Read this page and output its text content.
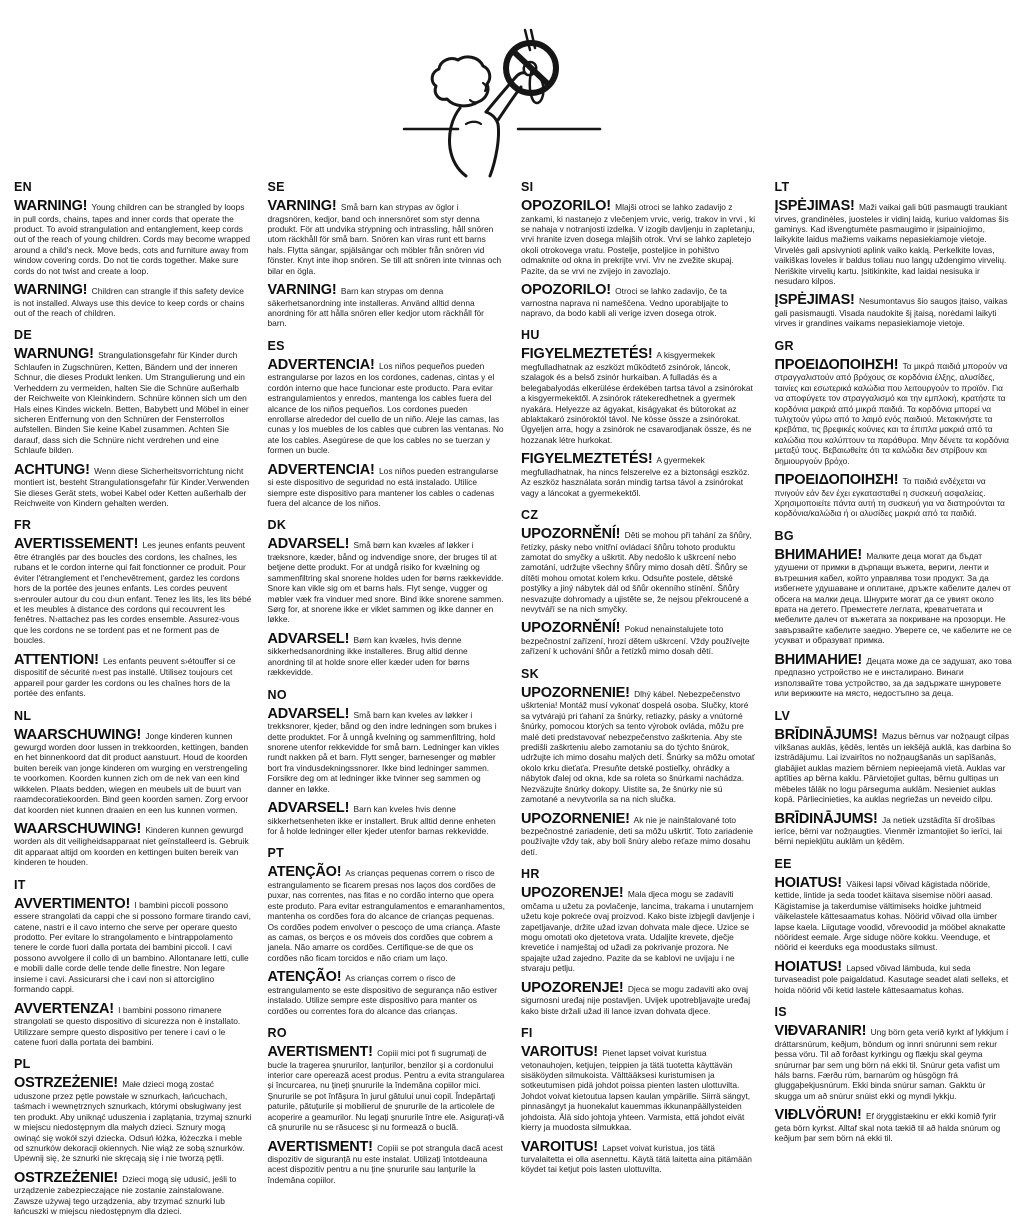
EN

WARNING! Young children can be strangled by loops in pull cords, chains, tapes and inner cords that operate the product. To avoid strangulation and entanglement, keep cords out of the reach of young children. Cords may become wrapped around a child's neck. Move beds, cots and furniture away from window covering cords. Do not tie cords together. Make sure cords do not twist and create a loop.

WARNING! Children can strangle if this safety device is not installed. Always use this device to keep cords or chains out of the reach of children.

DE

WARNUNG! Strangulationsgefahr für Kinder durch Schlaufen in Zugschnüren, Ketten, Bändern und der inneren Schnur, die dieses Produkt lenken. Um Strangulierung und ein Verheddern zu vermeiden, halten Sie die Schnüre außerhalb der Reichweite von Kleinkindern. Schnüre können sich um den Hals eines Kindes wickeln. Betten, Babybett und Möbel in einer sicheren Entfernung von den Schnüren der Fensterrollos aufstellen. Binden Sie keine Kabel zusammen. Achten Sie darauf, dass sich die Schnüre nicht verdrehen und eine Schlaufe bilden.

ACHTUNG! Wenn diese Sicherheitsvorrichtung nicht montiert ist, besteht Strangulationsgefahr für Kinder.Verwenden Sie dieses Gerät stets, wobei Kabel oder Ketten außerhalb der Reichweite von Kindern gehalten werden.

FR

AVERTISSEMENT! Les jeunes enfants peuvent être étranglés par des boucles des cordons, les chaînes, les rubans et le cordon interne qui fait fonctionner ce produit. Pour éviter l'étranglement et l'enchevêtrement, gardez les cordons hors de la portée des jeunes enfants. Les cordes peuvent s›enrouler autour du cou d›un enfant. Tenez les lits, les lits bébé et les meubles à distance des cordons qui recouvrent les fenêtres. N›attachez pas les cordes ensemble. Assurez-vous que les cordons ne se tordent pas et ne forment pas de boucles.

ATTENTION! Les enfants peuvent s›étouffer si ce dispositif de sécurité n›est pas installé. Utilisez toujours cet appareil pour garder les cordons ou les chaînes hors de la portée des enfants.

NL

WAARSCHUWING! Jonge kinderen kunnen gewurgd worden door lussen in trekkoorden, kettingen, banden en het binnenkoord dat dit product aanstuurt. Houd de koorden buiten bereik van jonge kinderen om wurging en verstrengeling te voorkomen. Koorden kunnen zich om de nek van een kind wikkelen. Plaats bedden, wiegen en meubels uit de buurt van raamdecoratiekoorden. Bind geen koorden samen. Zorg ervoor dat koorden niet kunnen draaien en een lus kunnen vormen.

WAARSCHUWING! Kinderen kunnen gewurgd worden als dit veiligheidsapparaat niet geïnstalleerd is. Gebruik dit apparaat altijd om koorden en kettingen buiten bereik van kinderen te houden.

IT

AVVERTIMENTO! I bambini piccoli possono essere strangolati da cappi che si possono formare tirando cavi, catene, nastri e il cavo interno che serve per operare questo prodotto. Per evitare lo strangolamento e l›intrappolamento tenere le corde fuori dalla portata dei bambini piccoli. I cavi possono avvolgere il collo di un bambino. Allontanare letti, culle e mobili dalle corde delle tende delle finestre. Non legare insieme i cavi. Assicurarsi che i cavi non si attorciglino formando cappi.

AVVERTENZA! I bambini possono rimanere strangolati se questo dispositivo di sicurezza non è installato. Utilizzare sempre questo dispositivo per tenere i cavi o le catene fuori dalla portata dei bambini.

PL

OSTRZEŻENIE! Małe dzieci mogą zostać uduszone przez pętle powstałe w sznurkach, łańcuchach, taśmach i wewnętrznych sznurkach, którymi obsługiwany jest ten produkt. Aby uniknąć uduszenia i zaplątania, trzymaj sznurki w miejscu niedostępnym dla małych dzieci. Sznury mogą owinąć się wokół szyi dziecka. Odsuń łóżka, łóżeczka i meble od sznurków dekoracji okiennych. Nie wiąż ze sobą sznurków. Upewnij się, że sznurki nie skręcają się i nie tworzą pętli.

OSTRZEŻENIE! Dzieci mogą się udusić, jeśli to urządzenie zabezpieczające nie zostanie zainstalowane. Zawsze używaj tego urządzenia, aby trzymać sznurki lub łańcuszki w miejscu niedostępnym dla dzieci.

SE

VARNING! Små barn kan strypas av öglor i dragsnören, kedjor, band och innersnöret som styr denna produkt. För att undvika strypning och intrassling, håll snören utom räckhåll för små barn. Snören kan viras runt ett barns hals. Flytta sängar, spjälsängar och möbler från snören vid fönster. Knyt inte ihop snören. Se till att snören inte tvinnas och bilar en ögla.

VARNING! Barn kan strypas om denna säkerhetsanordning inte installeras. Använd alltid denna anordning för att hålla snören eller kedjor utom räckhåll för barn.

ES

ADVERTENCIA! Los niños pequeños pueden estrangularse por lazos en los cordones, cadenas, cintas y el cordón interno que hace funcionar este producto. Para evitar estrangulamientos y enredos, mantenga los cables fuera del alcance de los niños pequeños. Los cordones pueden enrollarse alrededor del cuello de un niño. Aleje las camas, las cunas y los muebles de los cables que cubren las ventanas. No ate los cables. Asegúrese de que los cables no se tuerzan y formen un bucle.

ADVERTENCIA! Los niños pueden estrangularse si este dispositivo de seguridad no está instalado. Utilice siempre este dispositivo para mantener los cables o cadenas fuera del alcance de los niños.

DK

ADVARSEL! Små børn kan kvæles af løkker i træksnore, kæder, bånd og indvendige snore, der bruges til at betjene dette produkt. For at undgå risiko for kvælning og sammenfiltring skal snorene holdes uden for børns rækkevidde. Snore kan vikle sig om et barns hals. Flyt senge, vugger og møbler væk fra vinduer med snore. Bind ikke snorene sammen. Sørg for, at snorene ikke er viklet sammen og ikke danner en løkke.

ADVARSEL! Børn kan kvæles, hvis denne sikkerhedsanordning ikke installeres. Brug altid denne anordning til at holde snore eller kæder uden for børns rækkevidde.

NO

ADVARSEL! Små barn kan kveles av løkker i trekksnorer, kjeder, bånd og den indre ledningen som brukes i dette produktet. For å unngå kvelning og sammenfiltring, hold snorene utenfor rekkevidde for små barn. Ledninger kan vikles rundt nakken på et barn. Flytt senger, barnesenger og møbler bort fra vindusdekningssnorer. Ikke bind ledninger sammen. Forsikre deg om at ledninger ikke tvinner seg sammen og danner en løkke.

ADVARSEL! Barn kan kveles hvis denne sikkerhetsenheten ikke er installert. Bruk alltid denne enheten for å holde ledninger eller kjeder utenfor barnas rekkevidde.

PT

ATENÇÃO! As crianças pequenas correm o risco de estrangulamento se ficarem presas nos laços dos cordões de puxar, nas correntes, nas fitas e no cordão interno que opera este produto. Para evitar estrangulamentos e emaranhamentos, mantenha os cordões fora do alcance de crianças pequenas. Os cordões podem envolver o pescoço de uma criança. Afaste as camas, os berços e os móveis dos cordões que cobrem a janela. Não amarre os cordões. Certifique-se de que os cordões não ficam torcidos e não criam um laço.

ATENÇÃO! As crianças correm o risco de estrangulamento se este dispositivo de segurança não estiver instalado. Utilize sempre este dispositivo para manter os cordões ou correntes fora do alcance das crianças.

RO

AVERTISMENT! Copiii mici pot fi sugrumați de bucle la tragerea șnururilor, lanțurilor, benzilor și a cordonului interior care operează acest produs. Pentru a evita strangularea și încurcarea, nu țineți șnururile la îndemâna copiilor mici. Șnururile se pot înfășura în jurul gâtului unui copil. Îndepărtați paturile, pătuțurile și mobilierul de șnururile de la articolele de acoperire a geamurilor. Nu legați șnururile între ele. Asigurați-vă că șnururile nu se răsucesc și nu formează o buclă.

AVERTISMENT! Copiii se pot strangula dacă acest dispozitiv de siguranță nu este instalat. Utilizați întotdeauna acest dispozitiv pentru a nu ține șnururile sau lanțurile la îndemâna copiilor.

SI

OPOZORILO! Mlajši otroci se lahko zadavijo z zankami, ki nastanejo z vlečenjem vrvic, verig, trakov in vrvi , ki se nahaja v notranjosti izdelka. V izogib davljenju in zapletanju, vrvi hranite izven dosega mlajših otrok. Vrvi se lahko zapletejo okoli otrokovega vratu. Postelje, posteljice in pohištvo odmaknite od okna in prekrijte vrvi. Vrv ne zvežite skupaj. Pazite, da se vrvi ne zvijejo in zavozlajo.

OPOZORILO! Otroci se lahko zadavijo, če ta varnostna naprava ni nameščena. Vedno uporabljajte to napravo, da bodo kabli ali verige izven dosega otrok.

HU

FIGYELMEZTETÉS! A kisgyermekek megfulladhatnak az eszközt működtető zsinórok, láncok, szalagok és a belső zsinór hurkaiban. A fulladás és a belegabalyodás elkerülése érdekében tartsa távol a zsinórokat a kisgyermekektől. A zsinórok rátekeredhetnek a gyermek nyakára. Helyezze az ágyakat, kiságyakat és bútorokat az ablaktakaró zsinóroktól távol. Ne kösse össze a zsinórokat. Ügyeljen arra, hogy a zsinórok ne csavarodjanak össze, és ne hozzanak létre hurkokat.

FIGYELMEZTETÉS! A gyermekek megfulladhatnak, ha nincs felszerelve ez a biztonsági eszköz. Az eszköz használata során mindig tartsa távol a zsinórokat vagy a láncokat a gyermekektől.

CZ

UPOZORNĚNÍ! Děti se mohou při tahání za šňůry, řetízky, pásky nebo vnitřní ovládací šňůru tohoto produktu zamotat do smyčky a uškrtit. Aby nedošlo k uškrcení nebo zamotání, udržujte všechny šňůry mimo dosah dětí. Šňůry se dítěti mohou omotat kolem krku. Odsuňte postele, dětské postýlky a jiný nábytek dál od šňůr okenního stínění. Šňůry nesvazujte dohromady a ujistěte se, že nejsou překroucené a nevytváří se na nich smyčky.

UPOZORNĚNÍ! Pokud nenainstalujete toto bezpečnostní zařízení, hrozí dětem uškrcení. Vždy používejte zařízení k uchování šňůr a řetízků mimo dosah dětí.

SK

UPOZORNENIE! Dlhý kábel. Nebezpečenstvo uškrtenia! Montáž musí vykonať dospelá osoba. Slučky, ktoré sa vytvárajú pri ťahaní za šnúrky, retiazky, pásky a vnútorné šnúrky, pomocou ktorých sa tento výrobok ovláda, môžu pre malé deti predstavovať nebezpečenstvo zaškrtenia. Aby ste predišli zaškrteniu alebo zamotaniu sa do týchto šnúrok, udržujte ich mimo dosahu malých detí. Šnúrky sa môžu omotať okolo krku dieťaťa. Presuňte detské postieľky, ohrádky a nábytok ďalej od okna, kde sa roleta so šnúrkami nachádza. Nezväzujte šnúrky dokopy. Uistite sa, že šnúrky nie sú zamotané a nevytvorila sa na nich slučka.

UPOZORNENIE! Ak nie je nainštalované toto bezpečnostné zariadenie, deti sa môžu uškrtiť. Toto zariadenie používajte vždy tak, aby boli šnúry alebo reťaze mimo dosahu detí.

HR

UPOZORENJE! Mala djeca mogu se zadaviti omčama u užetu za povlačenje, lancima, trakama i unutarnjem užetu koje pokreće ovaj proizvod. Kako biste izbjegli davljenje i zapetljavanje, držite užad izvan dohvata male djece. Uzice se mogu omotati oko djetetova vrata. Udaljite krevete, dječje krevetiće i namještaj od užadi za pokrivanje prozora. Ne spajajte užad zajedno. Pazite da se kablovi ne uvijaju i ne stvaraju petlju.

UPOZORENJE! Djeca se mogu zadaviti ako ovaj sigurnosni uređaj nije postavljen. Uvijek upotrebljavajte uređaj kako biste držali užad ili lance izvan dohvata djece.

FI

VAROITUS! Pienet lapset voivat kuristua vetonauhojen, ketjujen, teippien ja tätä tuotetta käyttävän sisäköyden silmukoista. Välttääksesi kuristumisen ja sotkeutumisen pidä johdot poissa pienten lasten ulottuvilta. Johdot voivat kietoutua lapsen kaulan ympärille. Siirrä sängyt, pinnasängyt ja huonekalut kauemmas ikkunanpäällysteiden johdoista. Älä sido johtoja yhteen. Varmista, että johdot eivät kierry ja muodosta silmukkaa.

VAROITUS! Lapset voivat kuristua, jos tätä turvalaitetta ei olla asennettu. Käytä tätä laitetta aina pitämään köydet tai ketjut pois lasten ulottuvilta.

LT

ĮSPĖJIMAS! Maži vaikai gali būti pasmaugti traukiant virves, grandinėles, juosteles ir vidinį laidą, kuriuo valdomas šis gaminys. Kad išvengtumėte pasmaugimo ir įsipainiojimo, laikykite laidus mažiems vaikams nepasiekiamoje vietoje. Virvelės gali apsivynioti aplink vaiko kaklą. Perkelkite lovas, vaikiškas loveles ir baldus toliau nuo langų uždengimo virvelių. Neriškite virvelių kartu. Įsitikinkite, kad laidai nesisuka ir nesudaro kilpos.

ĮSPĖJIMAS! Nesumontavus šio saugos įtaiso, vaikas gali pasismaugti. Visada naudokite šį įtaisą, norėdami laikyti virves ir grandines vaikams nepasiekiamoje vietoje.

GR

ΠΡΟΕΙΔΟΠΟΙΗΣΗ! Τα μικρά παιδιά μπορούν να στραγγαλιστούν από βρόχους σε κορδόνια έλξης, αλυσίδες, ταινίες και εσωτερικά καλώδια που λειτουργούν το προϊόν. Για να αποφύγετε τον στραγγαλισμό και την εμπλοκή, κρατήστε τα κορδόνια μακριά από μικρά παιδιά. Τα κορδόνια μπορεί να τυλιχτούν γύρω από το λαιμό ενός παιδιού. Μετακινήστε τα κρεβάτια, τις βρεφικές κούνιες και τα έπιπλα μακριά από τα καλώδια που καλύπτουν τα παράθυρα. Μην δένετε τα κορδόνια μεταξύ τους. Βεβαιωθείτε ότι τα καλώδια δεν στρίβουν και δημιουργούν βρόχο.

ΠΡΟΕΙΔΟΠΟΙΗΣΗ! Τα παιδιά ενδέχεται να πνιγούν εάν δεν έχει εγκατασταθεί η συσκευή ασφαλείας. Χρησιμοποιείτε πάντα αυτή τη συσκευή για να διατηρούνται τα κορδόνια/καλώδια ή οι αλυσίδες μακριά από τα παιδιά.

BG

ВНИМАНИЕ! Малките деца могат да бъдат удушени от примки в дърпащи въжета, вериги, ленти и вътрешния кабел, който управлява този продукт. За да избегнете удушаване и оплитане, дръжте кабелите далеч от обсега на малки деца. Шнурите могат да се увият около врата на детето. Преместете леглата, креватчетата и мебелите далеч от въжетата за покриване на прозорци. Не завързвайте кабелите заедно. Уверете се, че кабелите не се усукват и образуват примка.

ВНИМАНИЕ! Децата може да се задушат, ако това предпазно устройство не е инсталирано. Винаги използвайте това устройство, за да задържате шнуровете или верижките на място, недостъпно за деца.

LV

BRĪDINĀJUMS! Mazus bērnus var nožņaugt cilpas vilkšanas auklās, ķēdēs, lentēs un iekšējā auklā, kas darbina šo izstrādājumu. Lai izvairītos no nožņaugšanās un sapīšanās, glabājiet auklas maziem bērniem nepieejamā vietā. Auklas var aptīties ap bērna kaklu. Pārvietojiet gultas, bērnu gultiņas un mēbeles tālāk no logu pārseguma auklām. Nesieniet auklas kopā. Pārliecinieties, ka auklas negriežas un neveido cilpu.

BRĪDINĀJUMS! Ja netiek uzstādīta šī drošības ierīce, bērni var nožņaugties. Vienmēr izmantojiet šo ierīci, lai bērni nepiekļūtu auklām un ķēdēm.

EE

HOIATUS! Väikesi lapsi võivad kägistada nööride, kettide, lintide ja seda toodet käitava sisemise nööri aasad. Kägistamise ja takerdumise vältimiseks hoidke juhtmeid väikelastele kättesaamatus kohas. Nöörid võivad olla ümber lapse kaela. Liigutage voodid, võrevoodid ja mööbel aknakatte nööridest eemale. Ärge siduge nööre kokku. Veenduge, et nöörid ei keerduks ega moodustaks silmust.

HOIATUS! Lapsed võivad lämbuda, kui seda turvaseadist pole paigaldatud. Kasutage seadet alati selleks, et hoida nöörid või ketid lastele kättesaamatus kohas.

IS

VIÐVARANIR! Ung börn geta verið kyrkt af lykkjum í dráttarsnúrum, keðjum, böndum og innri snúrunni sem rekur þessa vöru. Til að forðast kyrkingu og flækju skal geyma snúrurnar þar sem ung börn ná ekki til. Snúrur geta vafist um háls barns. Færðu rúm, barnarúm og húsgögn frá gluggaþekjusnúrum. Ekki binda snúrur saman. Gakktu úr skugga um að snúrur snúist ekki og myndi lykkju.

VIÐLVÖRUN! Ef öryggistækinu er ekki komið fyrir geta börn kyrkst. Alltaf skal nota tækið til að halda snúrum og keðjum þar sem börn ná ekki til.
